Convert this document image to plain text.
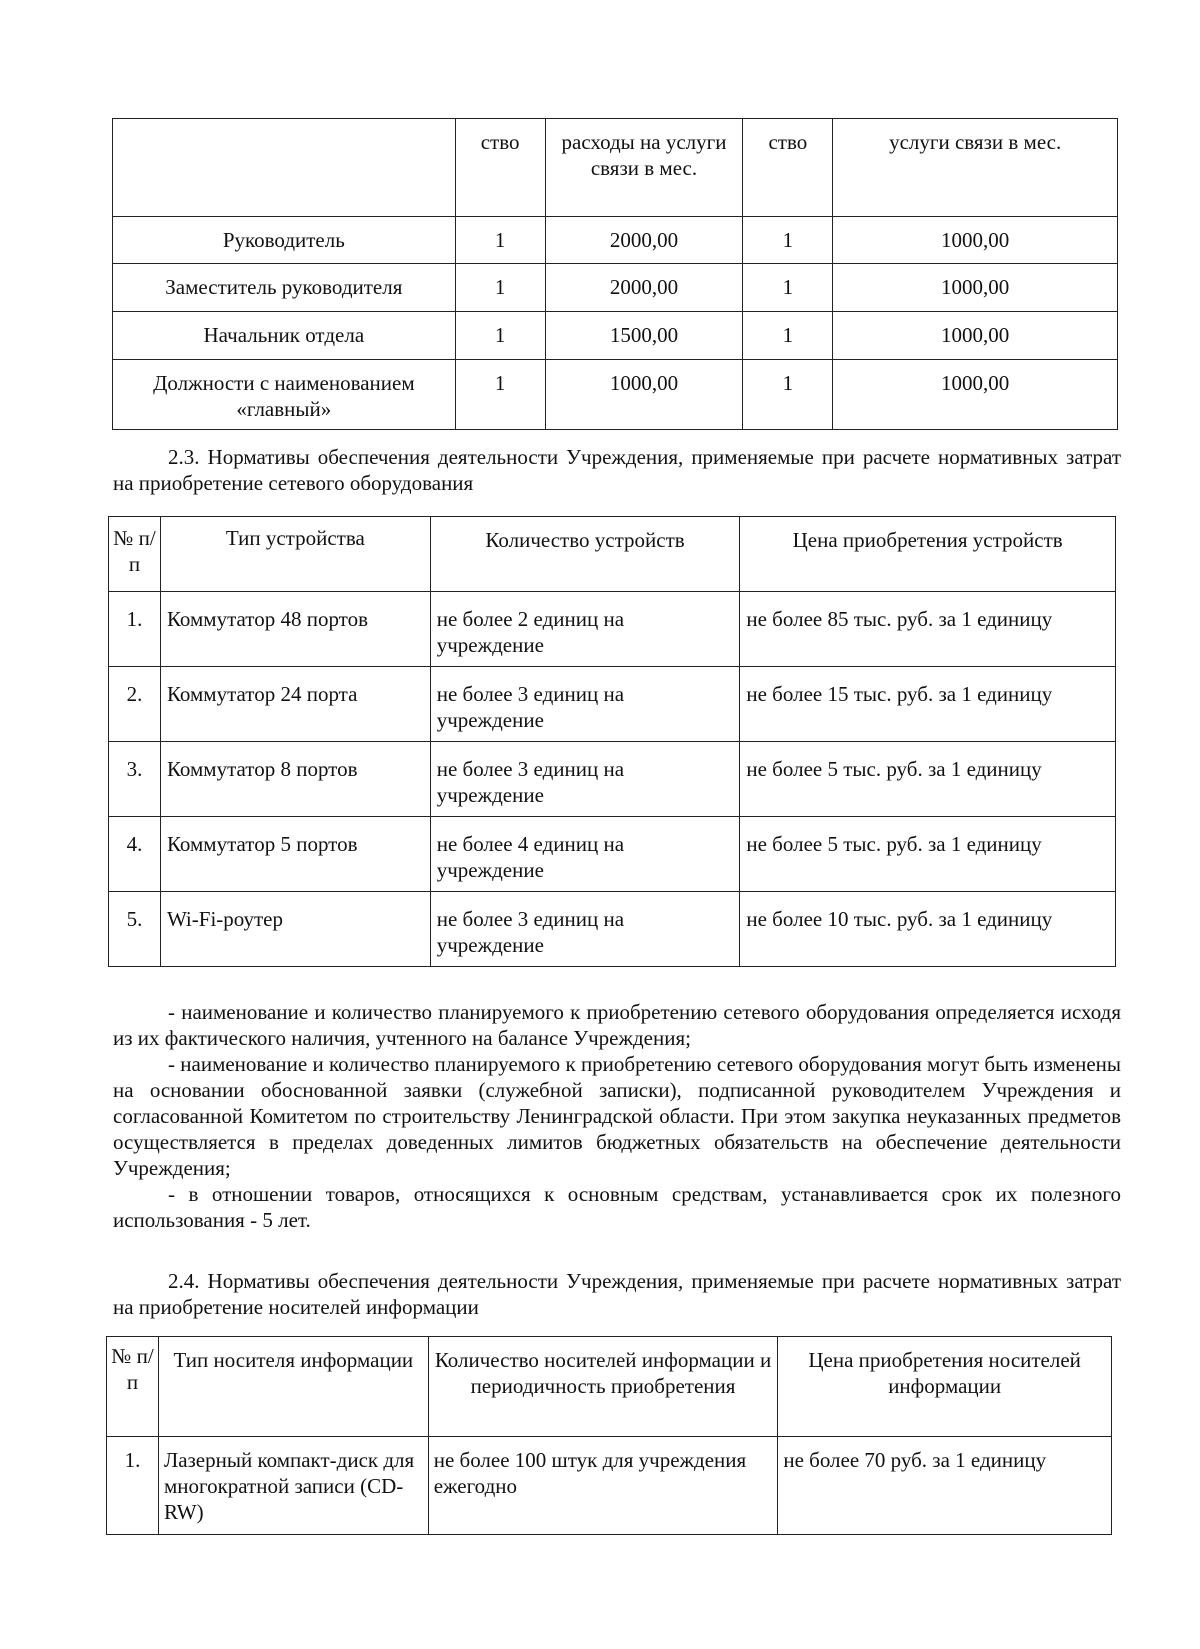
	ство	расходы на услуги связи в мес.	ство	услуги связи в мес.
Руководитель	1	2000,00	1	1000,00
Заместитель руководителя	1	2000,00	1	1000,00
Начальник отдела	1	1500,00	1	1000,00
Должности с наименованием «главный»	1	1000,00	1	1000,00
2.3. Нормативы обеспечения деятельности Учреждения, применяемые при расчете нормативных затрат на приобретение сетевого оборудования
№ п/п	Тип устройства	Количество устройств	Цена приобретения устройств
1.	Коммутатор 48 портов	не более 2 единиц на учреждение	не более 85 тыс. руб. за 1 единицу
2.	Коммутатор 24 порта	не более 3 единиц на учреждение	не более 15 тыс. руб. за 1 единицу
3.	Коммутатор 8 портов	не более 3 единиц на учреждение	не более 5 тыс. руб. за 1 единицу
4.	Коммутатор 5 портов	не более 4 единиц на учреждение	не более 5 тыс. руб. за 1 единицу
5.	Wi-Fi-роутер	не более 3 единиц на учреждение	не более 10 тыс. руб. за 1 единицу
- наименование и количество планируемого к приобретению сетевого оборудования определяется исходя из их фактического наличия, учтенного на балансе Учреждения;
- наименование и количество планируемого к приобретению сетевого оборудования могут быть изменены на основании обоснованной заявки (служебной записки), подписанной руководителем Учреждения и согласованной Комитетом по строительству Ленинградской области. При этом закупка неуказанных предметов осуществляется в пределах доведенных лимитов бюджетных обязательств на обеспечение деятельности Учреждения;
- в отношении товаров, относящихся к основным средствам, устанавливается срок их полезного использования - 5 лет.
2.4. Нормативы обеспечения деятельности Учреждения, применяемые при расчете нормативных затрат на приобретение носителей информации
№ п/п	Тип носителя информации	Количество носителей информации и периодичность приобретения	Цена приобретения носителей информации
1.	Лазерный компакт-диск для многократной записи (CD-RW)	не более 100 штук для учреждения ежегодно	не более 70 руб. за 1 единицу
